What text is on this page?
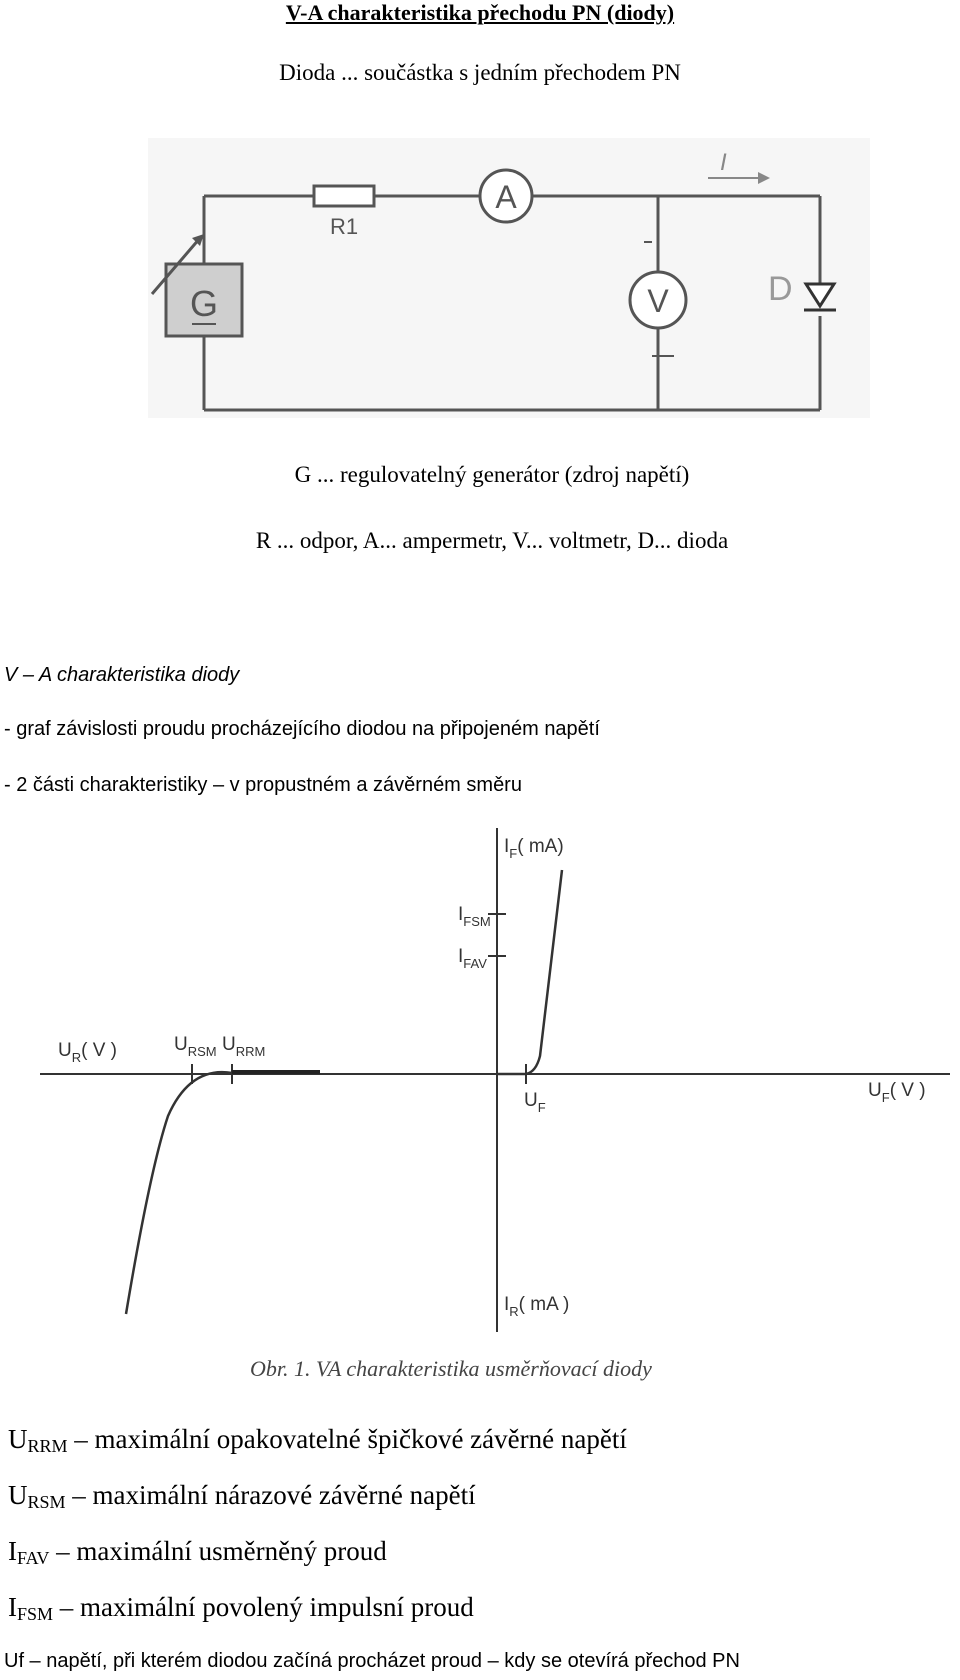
V-A charakteristika přechodu PN (diody)
Dioda ... součástka s jedním přechodem PN
R1
A
I
G	V	D
G ... regulovatelný generátor (zdroj napětí)
R ... odpor, A... ampermetr, V... voltmetr, D... dioda
V – A charakteristika diody
- graf závislosti proudu procházejícího diodou na připojeném napětí
- 2 části charakteristiky – v propustném a závěrném směru
$I_F$( mA)
$I_{FSM}$
$I_{FAV}$
$U_R$( V )	$U_{RSM}$ $U_{RRM}$
$U_F$
$U_F$( V )
$I_R$( mA )
Obr. 1. VA charakteristika usměrňovací diody
$U_{RRM}$ – maximální opakovatelné špičkové závěrné napětí
$U_{RSM}$ – maximální nárazové závěrné napětí
$I_{FAV}$ – maximální usměrněný proud
$I_{FSM}$ – maximální povolený impulsní proud
Uf – napětí, při kterém diodou začíná procházet proud – kdy se otevírá přechod PN
